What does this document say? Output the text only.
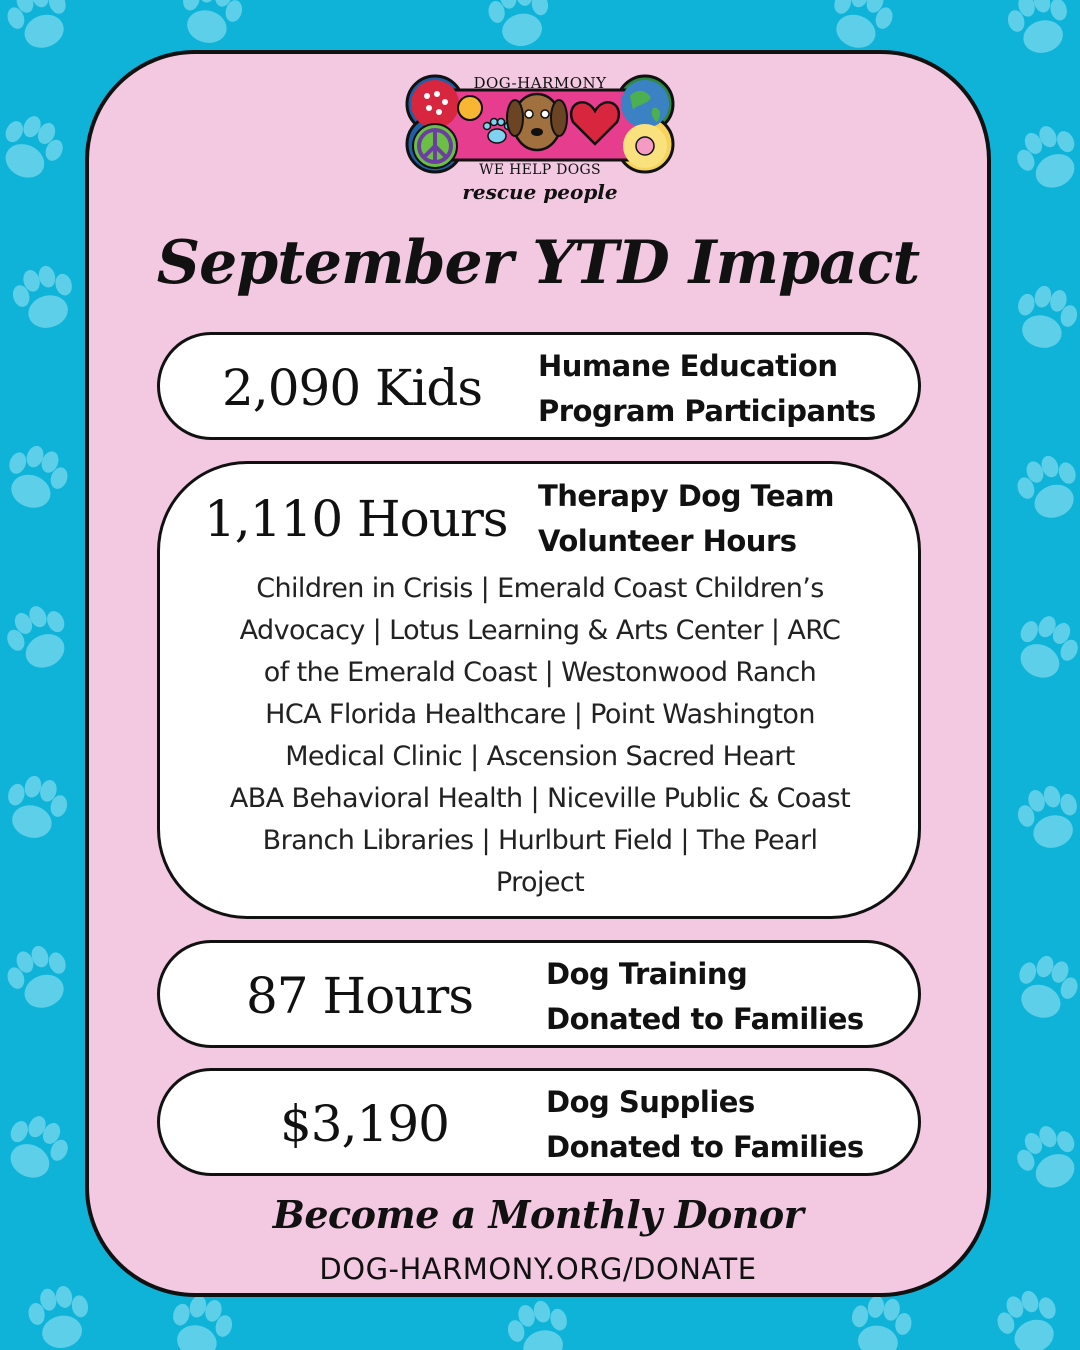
DOG-HARMONY
WE HELP DOGS
rescue people
September YTD Impact
2,090 Kids Humane Education
Program Participants
1,110 Hours Therapy Dog Team
Volunteer Hours
Children in Crisis | Emerald Coast Children’s
Advocacy | Lotus Learning & Arts Center | ARC
of the Emerald Coast | Westonwood Ranch
HCA Florida Healthcare | Point Washington
Medical Clinic | Ascension Sacred Heart
ABA Behavioral Health | Niceville Public & Coast
Branch Libraries | Hurlburt Field | The Pearl
Project
87 Hours	Dog Training
Donated to Families
$3,190	Dog Supplies
Donated to Families
Become a Monthly Donor
DOG-HARMONY.ORG/DONATE
